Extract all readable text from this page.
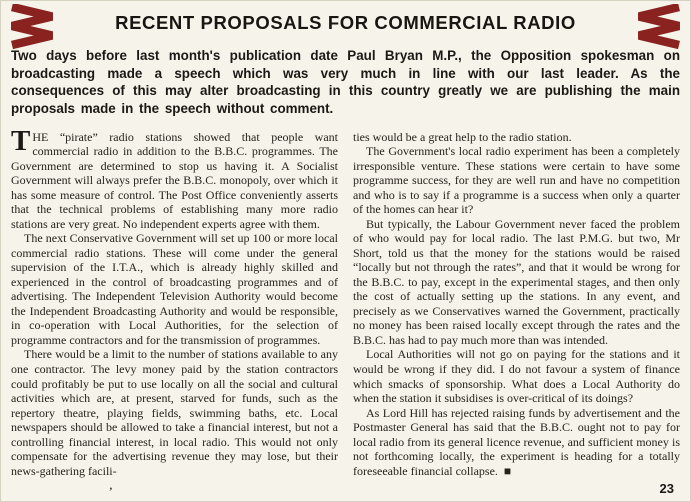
RECENT PROPOSALS FOR COMMERCIAL RADIO

Two days before last month's publication date Paul Bryan M.P., the Opposition spokesman on broadcasting made a speech which was very much in line with our last leader. As the consequences of this may alter broadcasting in this country greatly we are publishing the main proposals made in the speech without comment.

THE “pirate” radio stations showed that people want commercial radio in addition to the B.B.C. programmes. The Government are determined to stop us having it. A Socialist Government will always prefer the B.B.C. monopoly, over which it has some measure of control. The Post Office conveniently asserts that the technical problems of establishing many more radio stations are very great. No independent experts agree with them.

The next Conservative Government will set up 100 or more local commercial radio stations. These will come under the general supervision of the I.T.A., which is already highly skilled and experienced in the control of broadcasting programmes and of advertising. The Independent Television Authority would become the Independent Broadcasting Authority and would be responsible, in co-operation with Local Authorities, for the selection of programme contractors and for the transmission of programmes.

There would be a limit to the number of stations available to any one contractor. The levy money paid by the station contractors could profitably be put to use locally on all the social and cultural activities which are, at present, starved for funds, such as the repertory theatre, playing fields, swimming baths, etc. Local newspapers should be allowed to take a financial interest, but not a controlling financial interest, in local radio. This would not only compensate for the advertising revenue they may lose, but their news-gathering facili-

ties would be a great help to the radio station.

The Government's local radio experiment has been a completely irresponsible venture. These stations were certain to have some programme success, for they are well run and have no competition and who is to say if a programme is a success when only a quarter of the homes can hear it?

But typically, the Labour Government never faced the problem of who would pay for local radio. The last P.M.G. but two, Mr Short, told us that the money for the stations would be raised “locally but not through the rates”, and that it would be wrong for the B.B.C. to pay, except in the experimental stages, and then only the cost of actually setting up the stations. In any event, and precisely as we Conservatives warned the Government, practically no money has been raised locally except through the rates and the B.B.C. has had to pay much more than was intended.

Local Authorities will not go on paying for the stations and it would be wrong if they did. I do not favour a system of finance which smacks of sponsorship. What does a Local Authority do when the station it subsidises is over-critical of its doings?

As Lord Hill has rejected raising funds by advertisement and the Postmaster General has said that the B.B.C. ought not to pay for local radio from its general licence revenue, and sufficient money is not forthcoming locally, the experiment is heading for a totally foreseeable financial collapse. ■

‚	23
